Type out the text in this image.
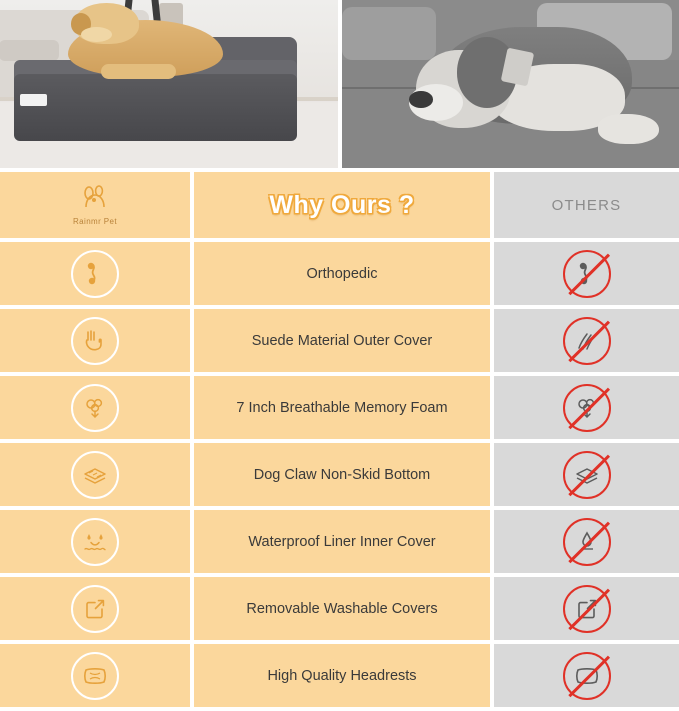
Rainmr Pet
Why Ours ?	OTHERS
Orthopedic
Suede Material Outer Cover
7 Inch Breathable Memory Foam
Dog Claw Non-Skid Bottom
Waterproof Liner Inner Cover
Removable Washable Covers
High Quality Headrests
